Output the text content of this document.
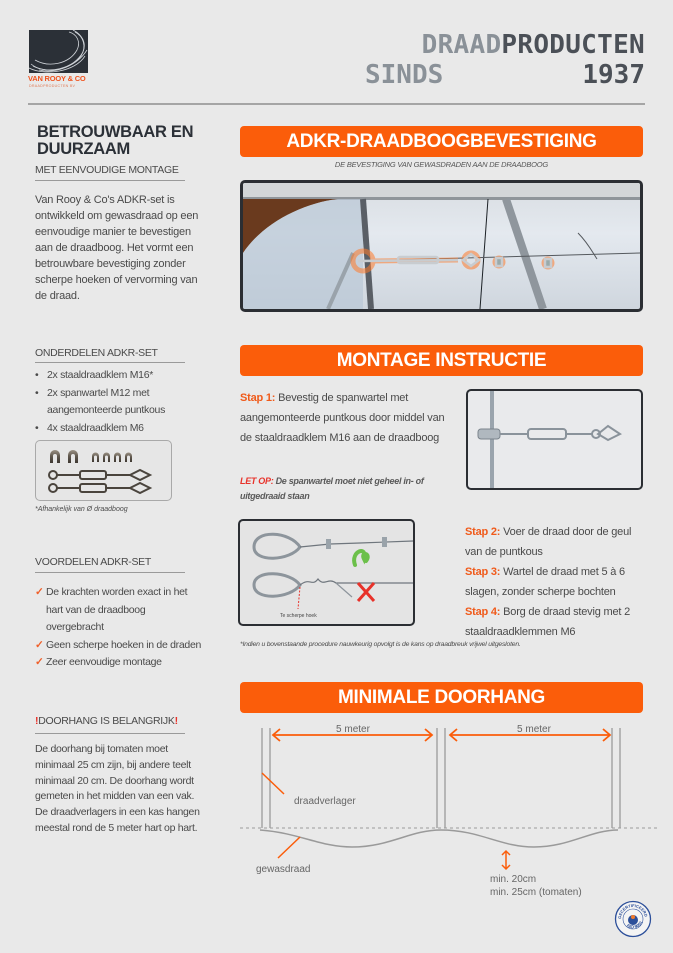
VAN ROOY & CO
DRAADPRODUCTEN BV
DRAADPRODUCTEN
SINDS	1937
BETROUWBAAR EN DUURZAAM
MET EENVOUDIGE MONTAGE
Van Rooy & Co's ADKR-set is ontwikkeld om gewasdraad op een eenvoudige manier te bevestigen aan de draadboog. Het vormt een betrouwbare bevestiging zonder scherpe hoeken of vervorming van de draad.
ONDERDELEN ADKR-SET
• 2x staaldraadklem M16*
• 2x spanwartel M12 met aangemonteerde puntkous
• 4x staaldraadklem M6
*Afhankelijk van Ø draadboog
VOORDELEN ADKR-SET
✓ De krachten worden exact in het hart van de draadboog overgebracht
✓ Geen scherpe hoeken in de draden
✓ Zeer eenvoudige montage
!DOORHANG IS BELANGRIJK!
De doorhang bij tomaten moet minimaal 25 cm zijn, bij andere teelt minimaal 20 cm. De doorhang wordt gemeten in het midden van een vak. De draadverlagers in een kas hangen meestal rond de 5 meter hart op hart.
ADKR-DRAADBOOGBEVESTIGING
DE BEVESTIGING VAN GEWASDRADEN AAN DE DRAADBOOG
MONTAGE INSTRUCTIE
Stap 1: Bevestig de spanwartel met aangemonteerde puntkous door middel van de staaldraadklem M16 aan de draadboog
LET OP: De spanwartel moet niet geheel in- of uitgedraaid staan
Te scherpe hoek
Stap 2: Voer de draad door de geul van de puntkous
Stap 3: Wartel de draad met 5 à 6 slagen, zonder scherpe bochten
Stap 4: Borg de draad stevig met 2 staaldraadklemmen M6
*Indien u bovenstaande procedure nauwkeurig opvolgt is de kans op draadbreuk vrijwel uitgesloten.
MINIMALE DOORHANG
5 meter	5 meter
draadverlager
gewasdraad
min. 20cm
min. 25cm (tomaten)
GECERTIFICEERD
ISO 9001
